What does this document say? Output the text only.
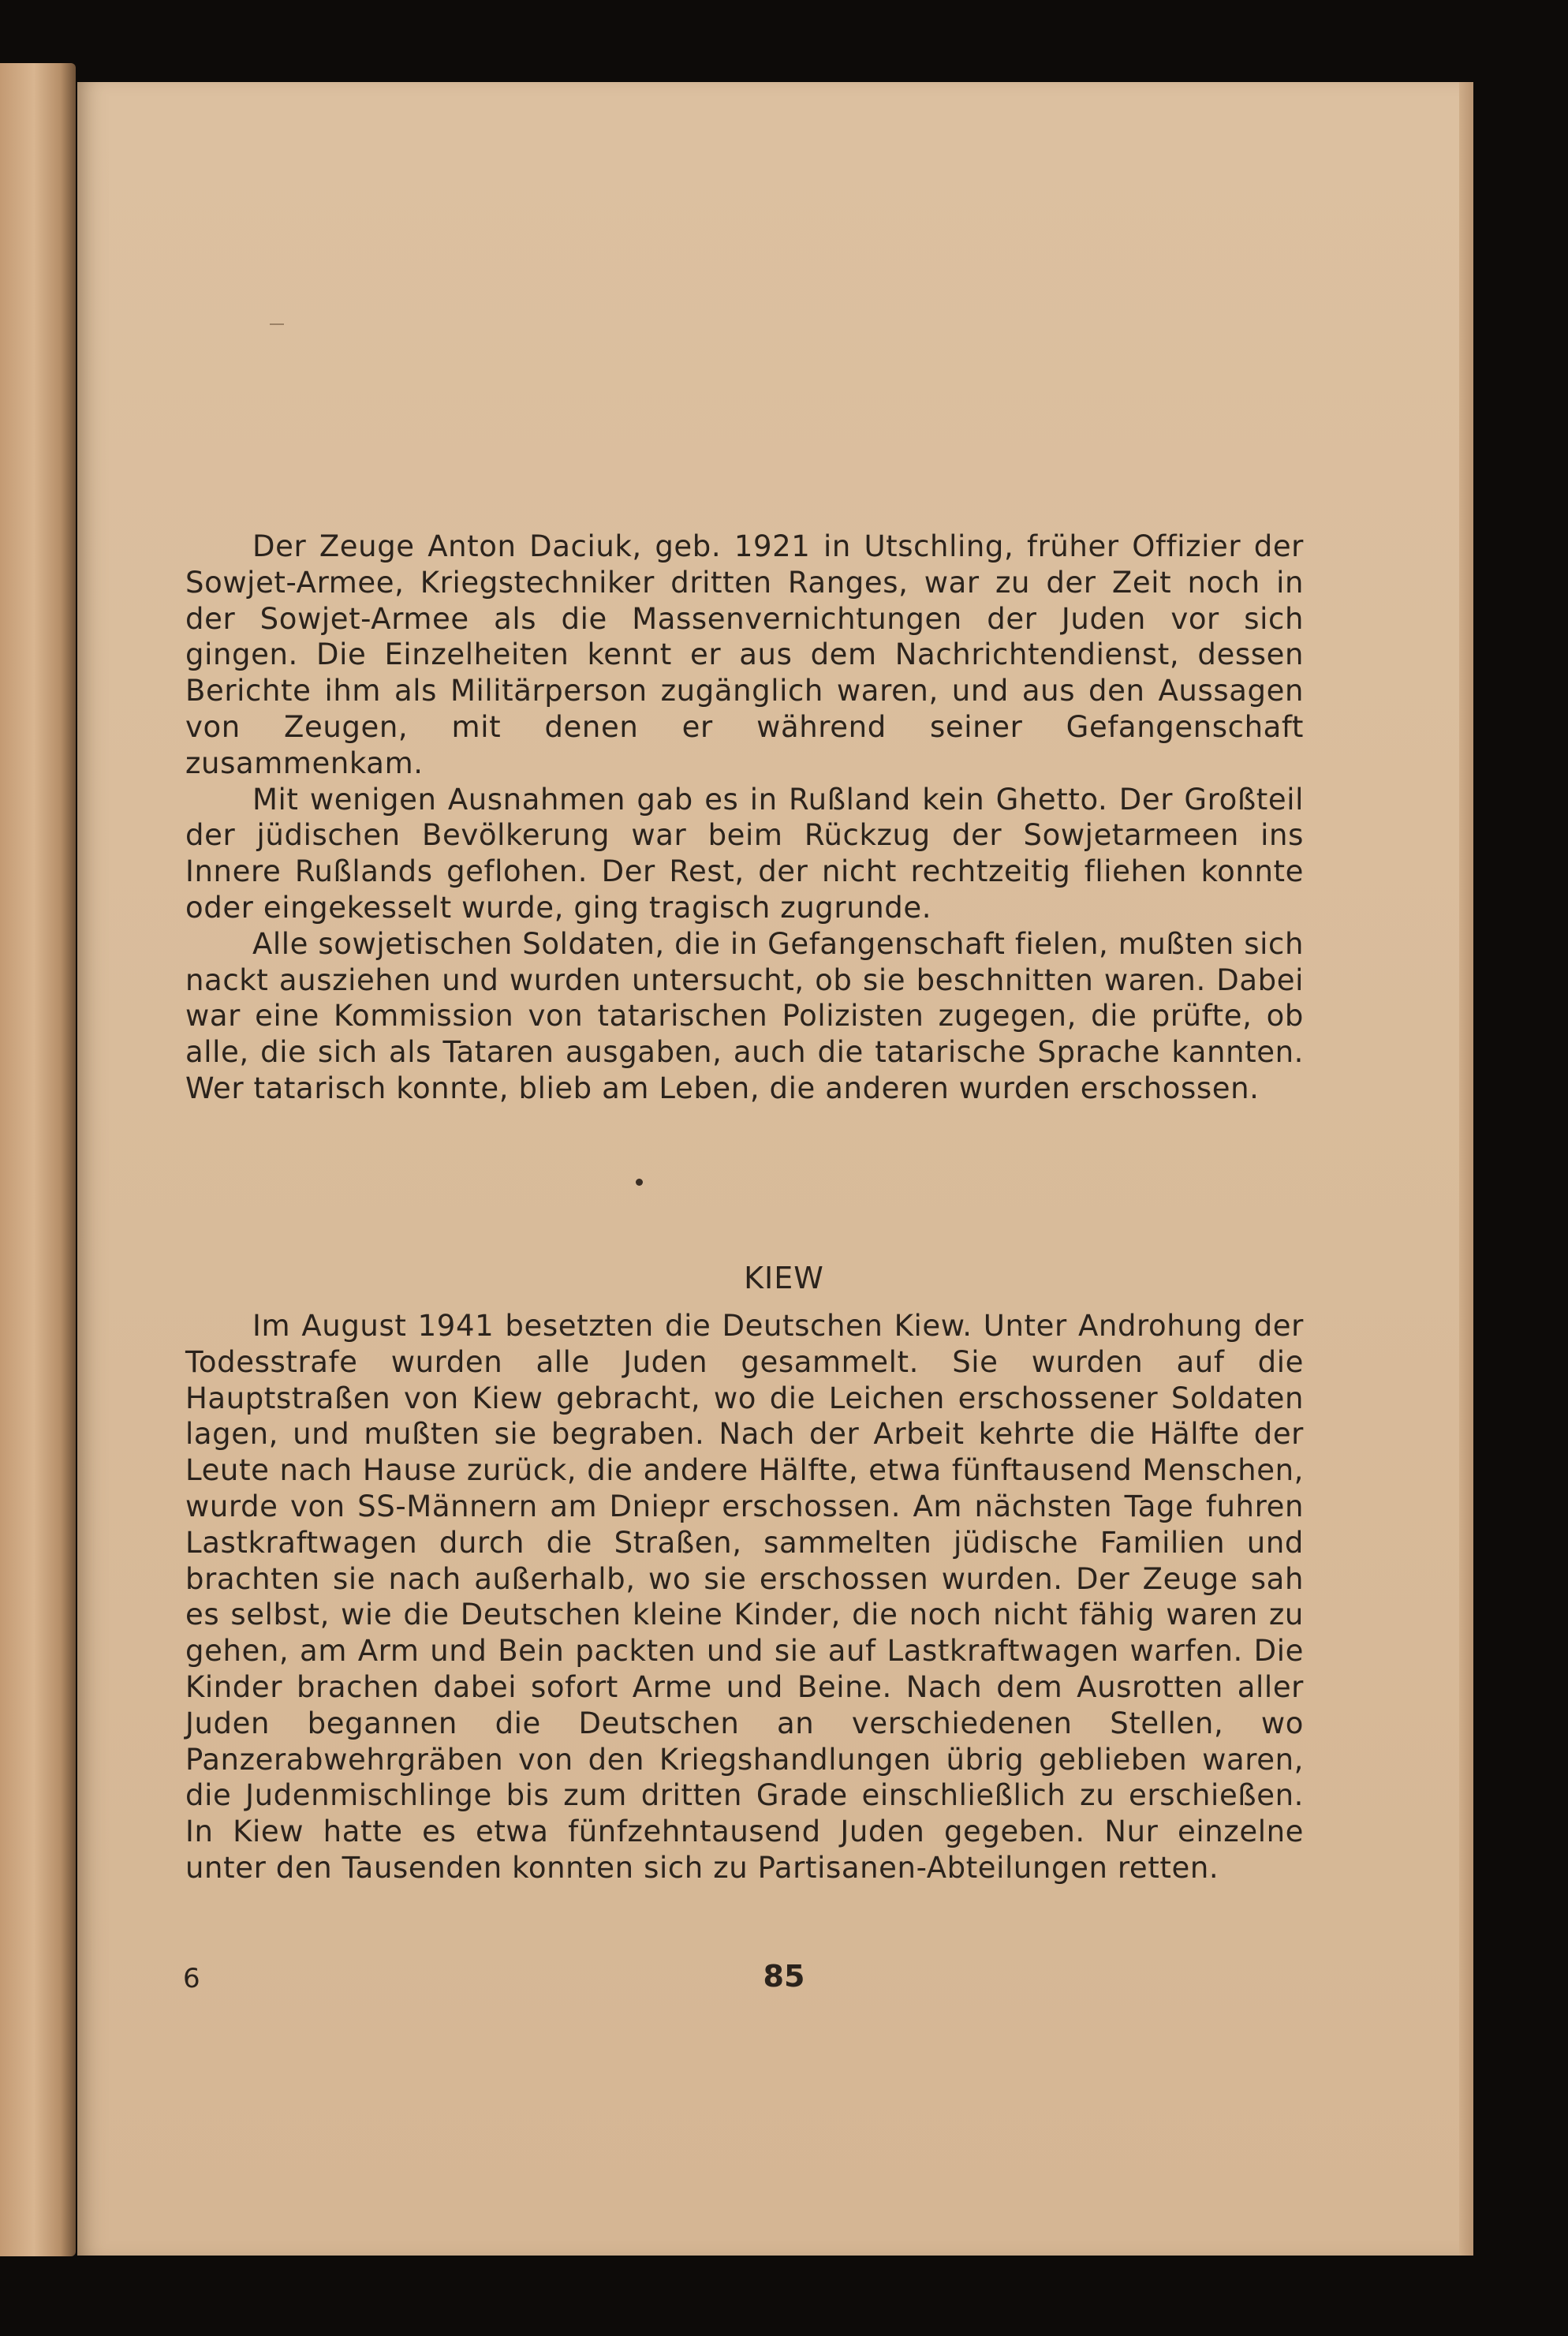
Der Zeuge Anton Daciuk, geb. 1921 in Utschling, früher Offizier der Sowjet-Armee, Kriegstechniker dritten Ranges, war zu der Zeit noch in der Sowjet-Armee als die Massenvernichtungen der Juden vor sich gingen. Die Einzelheiten kennt er aus dem Nachrichtendienst, dessen Berichte ihm als Militärperson zugänglich waren, und aus den Aussagen von Zeugen, mit denen er während seiner Gefangenschaft zusammenkam.

Mit wenigen Ausnahmen gab es in Rußland kein Ghetto. Der Großteil der jüdischen Bevölkerung war beim Rückzug der Sowjetarmeen ins Innere Rußlands geflohen. Der Rest, der nicht rechtzeitig fliehen konnte oder eingekesselt wurde, ging tragisch zugrunde.

Alle sowjetischen Soldaten, die in Gefangenschaft fielen, mußten sich nackt ausziehen und wurden untersucht, ob sie beschnitten waren. Dabei war eine Kommission von tatarischen Polizisten zugegen, die prüfte, ob alle, die sich als Tataren ausgaben, auch die tatarische Sprache kannten. Wer tatarisch konnte, blieb am Leben, die anderen wurden erschossen.

KIEW

Im August 1941 besetzten die Deutschen Kiew. Unter Androhung der Todesstrafe wurden alle Juden gesammelt. Sie wurden auf die Hauptstraßen von Kiew gebracht, wo die Leichen erschossener Soldaten lagen, und mußten sie begraben. Nach der Arbeit kehrte die Hälfte der Leute nach Hause zurück, die andere Hälfte, etwa fünftausend Menschen, wurde von SS-Männern am Dniepr erschossen. Am nächsten Tage fuhren Lastkraftwagen durch die Straßen, sammelten jüdische Familien und brachten sie nach außerhalb, wo sie erschossen wurden. Der Zeuge sah es selbst, wie die Deutschen kleine Kinder, die noch nicht fähig waren zu gehen, am Arm und Bein packten und sie auf Lastkraftwagen warfen. Die Kinder brachen dabei sofort Arme und Beine. Nach dem Ausrotten aller Juden begannen die Deutschen an verschiedenen Stellen, wo Panzerabwehrgräben von den Kriegshandlungen übrig geblieben waren, die Judenmischlinge bis zum dritten Grade einschließlich zu erschießen. In Kiew hatte es etwa fünfzehntausend Juden gegeben. Nur einzelne unter den Tausenden konnten sich zu Partisanen-Abteilungen retten.

6	85
